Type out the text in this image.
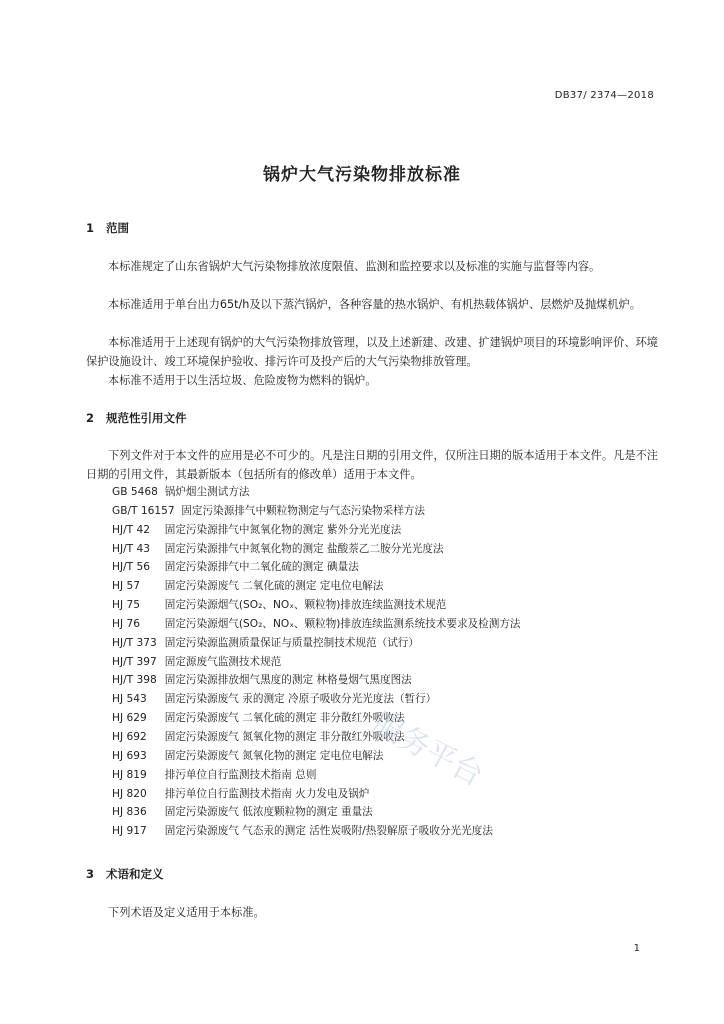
DB37/ 2374—2018
锅炉大气污染物排放标准
1 范围
本标准规定了山东省锅炉大气污染物排放浓度限值、监测和监控要求以及标准的实施与监督等内容。
本标准适用于单台出力65t/h及以下蒸汽锅炉，各种容量的热水锅炉、有机热载体锅炉、层燃炉及抛煤机炉。
本标准适用于上述现有锅炉的大气污染物排放管理，以及上述新建、改建、扩建锅炉项目的环境影响评价、环境保护设施设计、竣工环境保护验收、排污许可及投产后的大气污染物排放管理。
本标准不适用于以生活垃圾、危险废物为燃料的锅炉。
2 规范性引用文件
下列文件对于本文件的应用是必不可少的。凡是注日期的引用文件，仅所注日期的版本适用于本文件。凡是不注日期的引用文件，其最新版本（包括所有的修改单）适用于本文件。
GB 5468 锅炉烟尘测试方法
GB/T 16157 固定污染源排气中颗粒物测定与气态污染物采样方法
HJ/T 42 固定污染源排气中氮氧化物的测定 紫外分光光度法
HJ/T 43 固定污染源排气中氮氧化物的测定 盐酸萘乙二胺分光光度法
HJ/T 56 固定污染源排气中二氧化硫的测定 碘量法
HJ 57 固定污染源废气 二氧化硫的测定 定电位电解法
HJ 75 固定污染源烟气(SO₂、NOₓ、颗粒物)排放连续监测技术规范
HJ 76 固定污染源烟气(SO₂、NOₓ、颗粒物)排放连续监测系统技术要求及检测方法
HJ/T 373 固定污染源监测质量保证与质量控制技术规范（试行）
HJ/T 397 固定源废气监测技术规范
HJ/T 398 固定污染源排放烟气黑度的测定 林格曼烟气黑度图法
HJ 543 固定污染源废气 汞的测定 冷原子吸收分光光度法（暂行）
HJ 629 固定污染源废气 二氧化硫的测定 非分散红外吸收法
HJ 692 固定污染源废气 氮氧化物的测定 非分散红外吸收法
HJ 693 固定污染源废气 氮氧化物的测定 定电位电解法
HJ 819 排污单位自行监测技术指南 总则
HJ 820 排污单位自行监测技术指南 火力发电及锅炉
HJ 836 固定污染源废气 低浓度颗粒物的测定 重量法
HJ 917 固定污染源废气 气态汞的测定 活性炭吸附/热裂解原子吸收分光光度法
3 术语和定义
下列术语及定义适用于本标准。
1
服务平台
